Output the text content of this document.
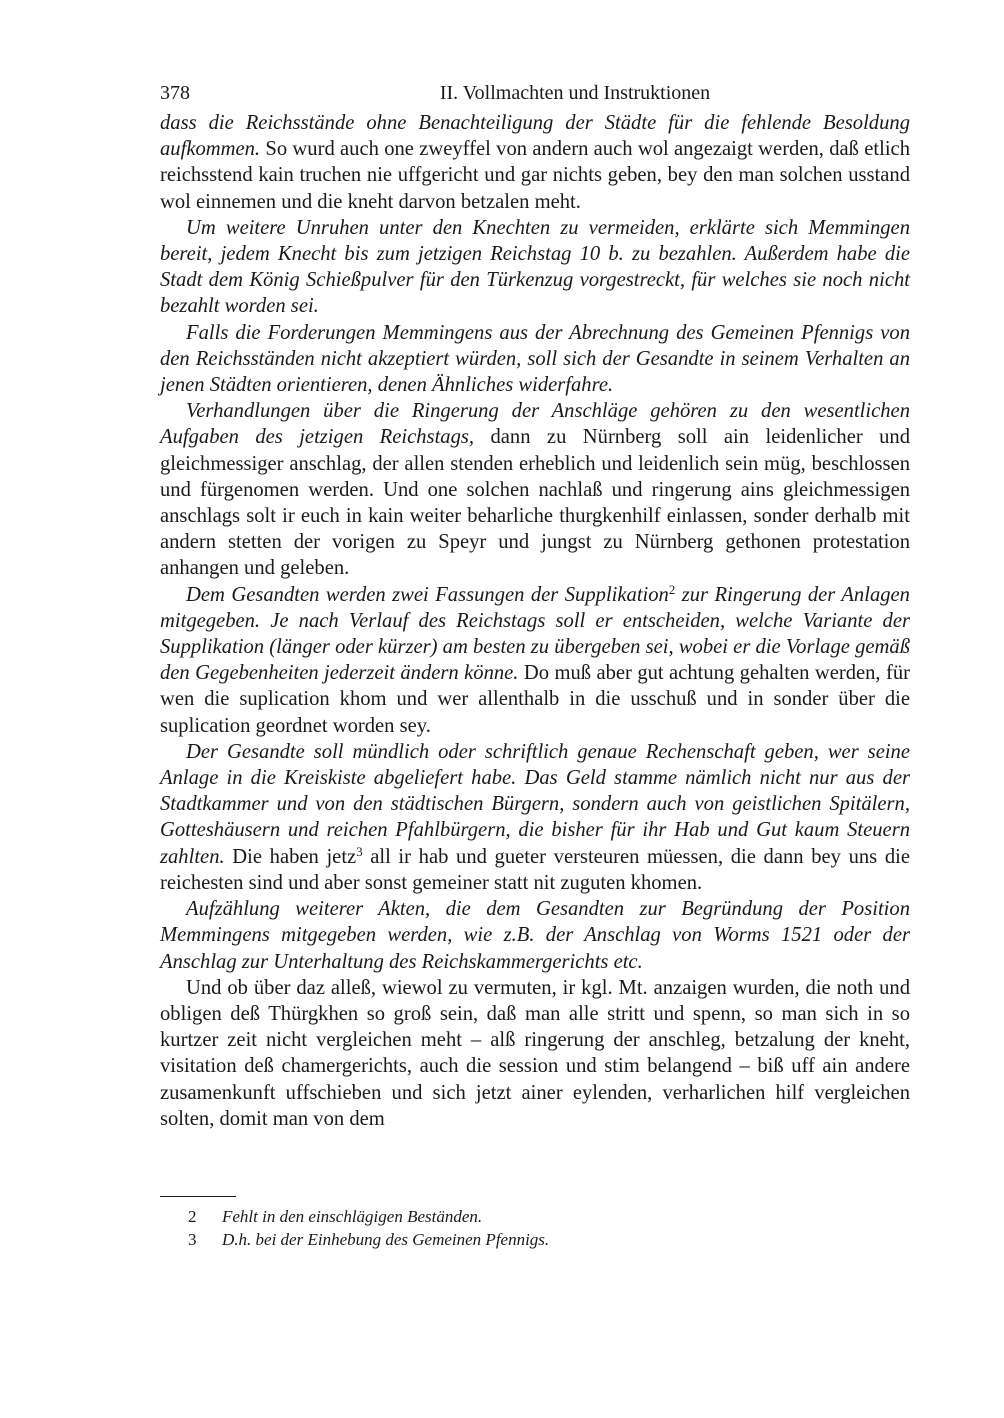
378	II. Vollmachten und Instruktionen

dass die Reichsstände ohne Benachteiligung der Städte für die fehlende Besoldung aufkommen. So wurd auch one zweyffel von andern auch wol angezaigt werden, daß etlich reichsstend kain truchen nie uffgericht und gar nichts geben, bey den man solchen usstand wol einnemen und die kneht darvon betzalen meht.

Um weitere Unruhen unter den Knechten zu vermeiden, erklärte sich Memmingen bereit, jedem Knecht bis zum jetzigen Reichstag 10 b. zu bezahlen. Außerdem habe die Stadt dem König Schießpulver für den Türkenzug vorgestreckt, für welches sie noch nicht bezahlt worden sei.

Falls die Forderungen Memmingens aus der Abrechnung des Gemeinen Pfennigs von den Reichsständen nicht akzeptiert würden, soll sich der Gesandte in seinem Verhalten an jenen Städten orientieren, denen Ähnliches widerfahre.

Verhandlungen über die Ringerung der Anschläge gehören zu den wesentlichen Aufgaben des jetzigen Reichstags, dann zu Nürnberg soll ain leidenlicher und gleichmessiger anschlag, der allen stenden erheblich und leidenlich sein müg, beschlossen und fürgenomen werden. Und one solchen nachlaß und ringerung ains gleichmessigen anschlags solt ir euch in kain weiter beharliche thurgkenhilf einlassen, sonder derhalb mit andern stetten der vorigen zu Speyr und jungst zu Nürnberg gethonen protestation anhangen und geleben.

Dem Gesandten werden zwei Fassungen der Supplikation$^2$ zur Ringerung der Anlagen mitgegeben. Je nach Verlauf des Reichstags soll er entscheiden, welche Variante der Supplikation (länger oder kürzer) am besten zu übergeben sei, wobei er die Vorlage gemäß den Gegebenheiten jederzeit ändern könne. Do muß aber gut achtung gehalten werden, für wen die suplication khom und wer allenthalb in die usschuß und in sonder über die suplication geordnet worden sey.

Der Gesandte soll mündlich oder schriftlich genaue Rechenschaft geben, wer seine Anlage in die Kreiskiste abgeliefert habe. Das Geld stamme nämlich nicht nur aus der Stadtkammer und von den städtischen Bürgern, sondern auch von geistlichen Spitälern, Gotteshäusern und reichen Pfahlbürgern, die bisher für ihr Hab und Gut kaum Steuern zahlten. Die haben jetz$^3$ all ir hab und gueter versteuren müessen, die dann bey uns die reichesten sind und aber sonst gemeiner statt nit zuguten khomen.

Aufzählung weiterer Akten, die dem Gesandten zur Begründung der Position Memmingens mitgegeben werden, wie z.B. der Anschlag von Worms 1521 oder der Anschlag zur Unterhaltung des Reichskammergerichts etc.

Und ob über daz alleß, wiewol zu vermuten, ir kgl. Mt. anzaigen wurden, die noth und obligen deß Thürgkhen so groß sein, daß man alle stritt und spenn, so man sich in so kurtzer zeit nicht vergleichen meht – alß ringerung der anschleg, betzalung der kneht, visitation deß chamergerichts, auch die session und stim belangend – biß uff ain andere zusamenkunft uffschieben und sich jetzt ainer eylenden, verharlichen hilf vergleichen solten, domit man von dem

2	Fehlt in den einschlägigen Beständen.
3	D.h. bei der Einhebung des Gemeinen Pfennigs.
